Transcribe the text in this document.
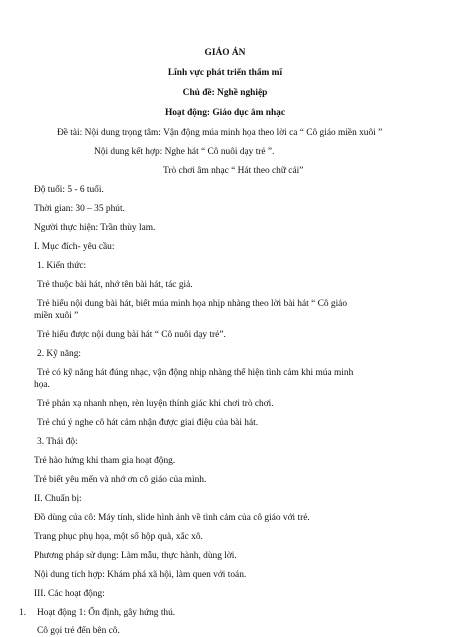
GIÁO ÁN
Lĩnh vực phát triển thẩm mĩ
Chủ đề: Nghề nghiệp
Hoạt động: Giáo dục âm nhạc
Đề tài: Nội dung trọng tâm: Vận động múa minh họa theo lời ca “ Cô giáo miền xuôi ”
Nội dung kết hợp: Nghe hát “ Cô nuôi dạy trẻ ”.
Trò chơi âm nhạc “ Hát theo chữ cái”
Độ tuổi: 5 - 6 tuổi.
Thời gian: 30 – 35 phút.
Người thực hiện: Trần thùy lam.
I. Mục đích- yêu cầu:
1. Kiến thức:
Trẻ thuộc bài hát, nhớ tên bài hát, tác giả.
Trẻ hiểu nội dung bài hát, biết múa minh họa nhịp nhàng theo lời bài hát “ Cô giáo
miền xuôi ”
Trẻ hiểu được nội dung bài hát “ Cô nuôi dạy trẻ”.
2. Kỹ năng:
Trẻ có kỹ năng hát đúng nhạc, vận động nhịp nhàng thể hiện tình cảm khi múa minh
họa.
Trẻ phản xạ nhanh nhẹn, rèn luyện thính giác khi chơi trò chơi.
Trẻ chú ý nghe cô hát cảm nhận được giai điệu của bài hát.
3. Thái độ:
Trẻ hào hứng khi tham gia hoạt động.
Trẻ biết yêu mến và nhớ ơn cô giáo của mình.
II. Chuẩn bị:
Đồ dùng của cô: Máy tính, slide hình ảnh về tình cảm của cô giáo với trẻ.
Trang phục phụ họa, một số hộp quà, xắc xô.
Phương pháp sử dụng: Làm mẫu, thực hành, dùng lời.
Nội dung tích hợp: Khám phá xã hội, làm quen với toán.
III. Các hoạt động:
1. Hoạt động 1: Ổn định, gây hứng thú.
Cô gọi trẻ đến bên cô.
